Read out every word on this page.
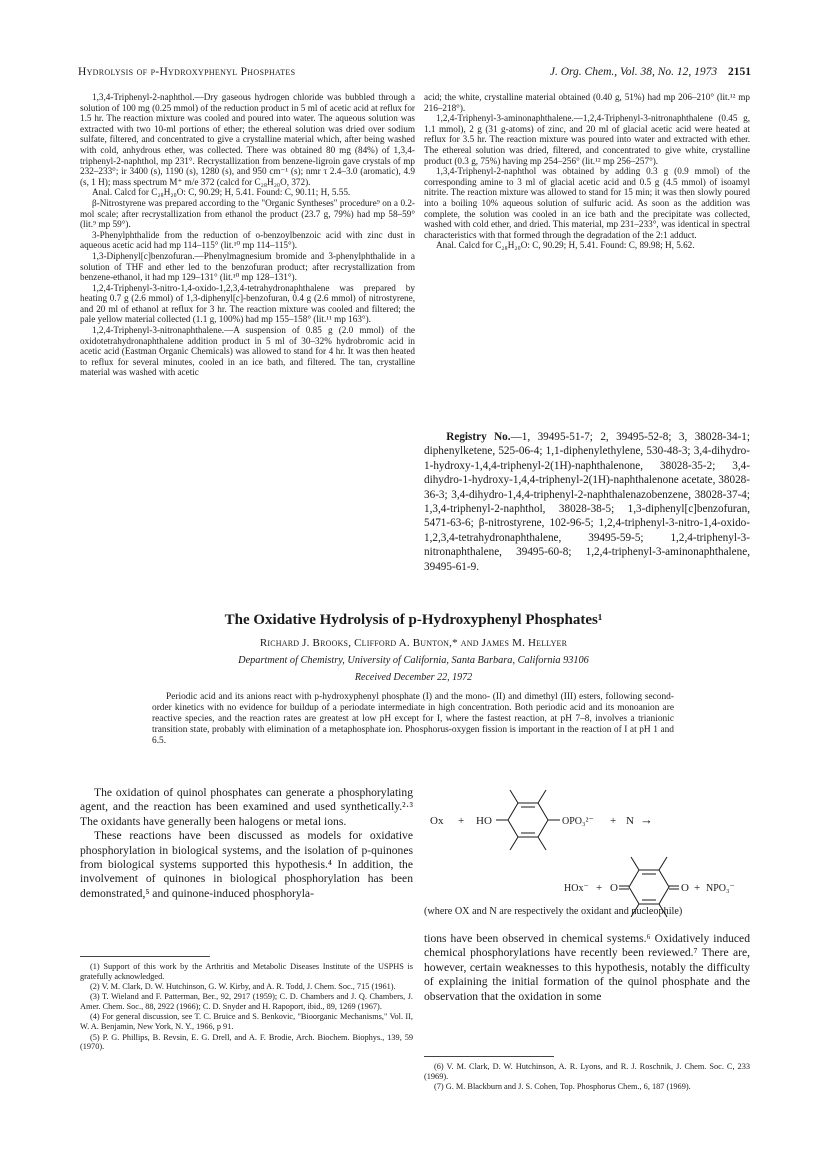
Hydrolysis of p-Hydroxyphenyl Phosphates	J. Org. Chem., Vol. 38, No. 12, 1973 2151

1,3,4-Triphenyl-2-naphthol.—Dry gaseous hydrogen chloride was bubbled through a solution of 100 mg (0.25 mmol) of the reduction product in 5 ml of acetic acid at reflux for 1.5 hr. The reaction mixture was cooled and poured into water. The aqueous solution was extracted with two 10-ml portions of ether; the ethereal solution was dried over sodium sulfate, filtered, and concentrated to give a crystalline material which, after being washed with cold, anhydrous ether, was collected. There was obtained 80 mg (84%) of 1,3,4-triphenyl-2-naphthol, mp 231°. Recrystallization from benzene-ligroin gave crystals of mp 232–233°; ir 3400 (s), 1190 (s), 1280 (s), and 950 cm⁻¹ (s); nmr τ 2.4–3.0 (aromatic), 4.9 (s, 1 H); mass spectrum M⁺ m/e 372 (calcd for C₂₈H₂₀O, 372).

Anal. Calcd for C₂₈H₂₀O: C, 90.29; H, 5.41. Found: C, 90.11; H, 5.55.

β-Nitrostyrene was prepared according to the "Organic Syntheses" procedure⁹ on a 0.2-mol scale; after recrystallization from ethanol the product (23.7 g, 79%) had mp 58–59° (lit.⁹ mp 59°).

3-Phenylphthalide from the reduction of o-benzoylbenzoic acid with zinc dust in aqueous acetic acid had mp 114–115° (lit.¹⁰ mp 114–115°).

1,3-Diphenyl[c]benzofuran.—Phenylmagnesium bromide and 3-phenylphthalide in a solution of THF and ether led to the benzofuran product; after recrystallization from benzene-ethanol, it had mp 129–131° (lit.¹⁰ mp 128–131°).

1,2,4-Triphenyl-3-nitro-1,4-oxido-1,2,3,4-tetrahydronaphthalene was prepared by heating 0.7 g (2.6 mmol) of 1,3-diphenyl[c]-benzofuran, 0.4 g (2.6 mmol) of nitrostyrene, and 20 ml of ethanol at reflux for 3 hr. The reaction mixture was cooled and filtered; the pale yellow material collected (1.1 g, 100%) had mp 155–158° (lit.¹¹ mp 163°).

1,2,4-Triphenyl-3-nitronaphthalene.—A suspension of 0.85 g (2.0 mmol) of the oxidotetrahydronaphthalene addition product in 5 ml of 30–32% hydrobromic acid in acetic acid (Eastman Organic Chemicals) was allowed to stand for 4 hr. It was then heated to reflux for several minutes, cooled in an ice bath, and filtered. The tan, crystalline material was washed with acetic

acid; the white, crystalline material obtained (0.40 g, 51%) had mp 206–210° (lit.¹² mp 216–218°).

1,2,4-Triphenyl-3-aminonaphthalene.—1,2,4-Triphenyl-3-nitronaphthalene (0.45 g, 1.1 mmol), 2 g (31 g-atoms) of zinc, and 20 ml of glacial acetic acid were heated at reflux for 3.5 hr. The reaction mixture was poured into water and extracted with ether. The ethereal solution was dried, filtered, and concentrated to give white, crystalline product (0.3 g, 75%) having mp 254–256° (lit.¹² mp 256–257°).

1,3,4-Triphenyl-2-naphthol was obtained by adding 0.3 g (0.9 mmol) of the corresponding amine to 3 ml of glacial acetic acid and 0.5 g (4.5 mmol) of isoamyl nitrite. The reaction mixture was allowed to stand for 15 min; it was then slowly poured into a boiling 10% aqueous solution of sulfuric acid. As soon as the addition was complete, the solution was cooled in an ice bath and the precipitate was collected, washed with cold ether, and dried. This material, mp 231–233°, was identical in spectral characteristics with that formed through the degradation of the 2:1 adduct.

Anal. Calcd for C₂₈H₂₀O: C, 90.29; H, 5.41. Found: C, 89.98; H, 5.62.

Registry No.—1, 39495-51-7; 2, 39495-52-8; 3, 38028-34-1; diphenylketene, 525-06-4; 1,1-diphenylethylene, 530-48-3; 3,4-dihydro-1-hydroxy-1,4,4-triphenyl-2(1H)-naphthalenone, 38028-35-2; 3,4-dihydro-1-hydroxy-1,4,4-triphenyl-2(1H)-naphthalenone acetate, 38028-36-3; 3,4-dihydro-1,4,4-triphenyl-2-naphthalenazobenzene, 38028-37-4; 1,3,4-triphenyl-2-naphthol, 38028-38-5; 1,3-diphenyl[c]benzofuran, 5471-63-6; β-nitrostyrene, 102-96-5; 1,2,4-triphenyl-3-nitro-1,4-oxido-1,2,3,4-tetrahydronaphthalene, 39495-59-5; 1,2,4-triphenyl-3-nitronaphthalene, 39495-60-8; 1,2,4-triphenyl-3-aminonaphthalene, 39495-61-9.
The Oxidative Hydrolysis of p-Hydroxyphenyl Phosphates¹
Richard J. Brooks, Clifford A. Bunton,* and James M. Hellyer
Department of Chemistry, University of California, Santa Barbara, California 93106
Received December 22, 1972

Periodic acid and its anions react with p-hydroxyphenyl phosphate (I) and the mono- (II) and dimethyl (III) esters, following second-order kinetics with no evidence for buildup of a periodate intermediate in high concentration. Both periodic acid and its monoanion are reactive species, and the reaction rates are greatest at low pH except for I, where the fastest reaction, at pH 7–8, involves a trianionic transition state, probably with elimination of a metaphosphate ion. Phosphorus-oxygen fission is important in the reaction of I at pH 1 and 6.5.

The oxidation of quinol phosphates can generate a phosphorylating agent, and the reaction has been examined and used synthetically.²·³ The oxidants have generally been halogens or metal ions.

These reactions have been discussed as models for oxidative phosphorylation in biological systems, and the isolation of p-quinones from biological systems supported this hypothesis.⁴ In addition, the involvement of quinones in biological phosphorylation has been demonstrated,⁵ and quinone-induced phosphoryla-

Ox + HO	OPO₃²⁻ + N →
HOx⁻ + O	O + NPO₃⁻
(where OX and N are respectively the oxidant and nucleophile)

tions have been observed in chemical systems.⁶ Oxidatively induced chemical phosphorylations have recently been reviewed.⁷ There are, however, certain weaknesses to this hypothesis, notably the difficulty of explaining the initial formation of the quinol phosphate and the observation that the oxidation in some

(1) Support of this work by the Arthritis and Metabolic Diseases Institute of the USPHS is gratefully acknowledged.

(2) V. M. Clark, D. W. Hutchinson, G. W. Kirby, and A. R. Todd, J. Chem. Soc., 715 (1961).

(3) T. Wieland and F. Patterman, Ber., 92, 2917 (1959); C. D. Chambers and J. Q. Chambers, J. Amer. Chem. Soc., 88, 2922 (1966); C. D. Snyder and H. Rapoport, ibid., 89, 1269 (1967).

(4) For general discussion, see T. C. Bruice and S. Benkovic, "Bioorganic Mechanisms," Vol. II, W. A. Benjamin, New York, N. Y., 1966, p 91.

(5) P. G. Phillips, B. Revsin, E. G. Drell, and A. F. Brodie, Arch. Biochem. Biophys., 139, 59 (1970).

(6) V. M. Clark, D. W. Hutchinson, A. R. Lyons, and R. J. Roschnik, J. Chem. Soc. C, 233 (1969).

(7) G. M. Blackburn and J. S. Cohen, Top. Phosphorus Chem., 6, 187 (1969).
